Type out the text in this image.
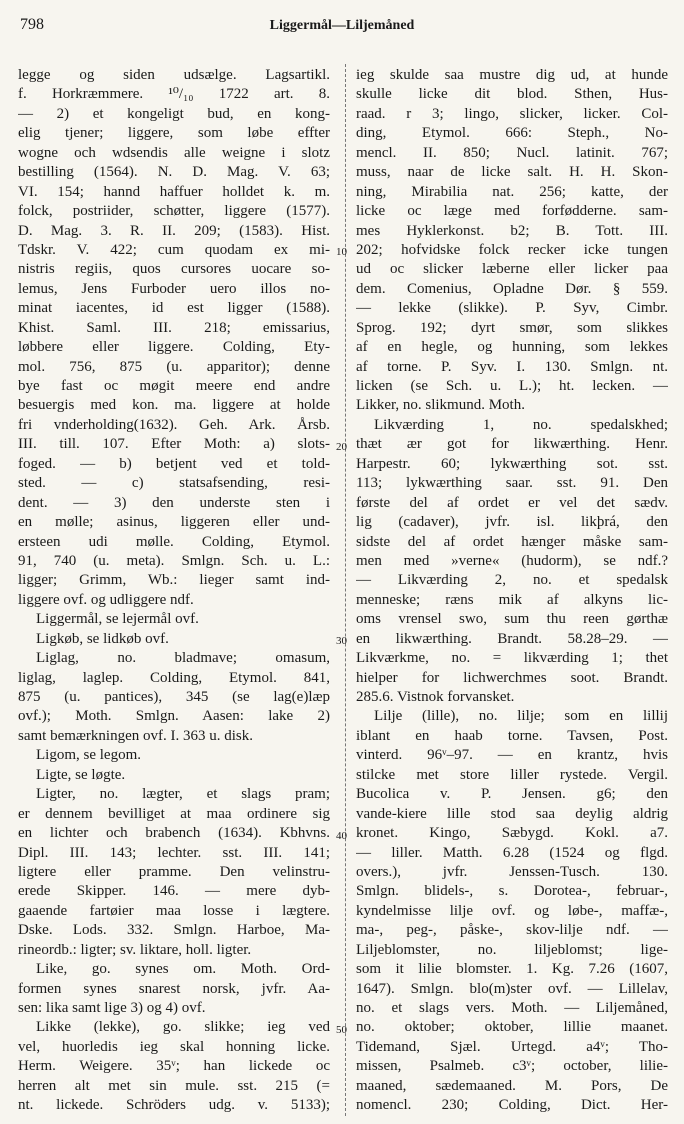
798	Liggermål—Liljemåned
legge og siden udsælge. Lagsartikl.
f. Horkræmmere. ¹⁰/₁₀ 1722 art. 8.
— 2) et kongeligt bud, en kong-
elig tjener; liggere, som løbe effter
wogne och wdsendis alle weigne i slotz
bestilling (1564). N. D. Mag. V. 63;
VI. 154; hannd haffuer holldet k. m.
folck, postriider, schøtter, liggere (1577).
D. Mag. 3. R. II. 209; (1583). Hist.
Tdskr. V. 422; cum quodam ex mi-
nistris regiis, quos cursores uocare so-
lemus, Jens Furboder uero illos no-
minat iacentes, id est ligger (1588).
Khist. Saml. III. 218; emissarius,
løbbere eller liggere. Colding, Ety-
mol. 756, 875 (u. apparitor); denne
bye fast oc møgit meere end andre
besuergis med kon. ma. liggere at holde
fri vnderholding(1632). Geh. Ark. Årsb.
III. till. 107. Efter Moth: a) slots-
foged. — b) betjent ved et told-
sted. — c) statsafsending, resi-
dent. — 3) den underste sten i
en mølle; asinus, liggeren eller und-
ersteen udi mølle. Colding, Etymol.
91, 740 (u. meta). Smlgn. Sch. u. L.:
ligger; Grimm, Wb.: lieger samt ind-
liggere ovf. og udliggere ndf.
Liggermål, se lejermål ovf.
Ligkøb, se lidkøb ovf.
Liglag, no. bladmave; omasum,
liglag, laglep. Colding, Etymol. 841,
875 (u. pantices), 345 (se lag(e)læp
ovf.); Moth. Smlgn. Aasen: lake 2)
samt bemærkningen ovf. I. 363 u. disk.
Ligom, se legom.
Ligte, se løgte.
Ligter, no. lægter, et slags pram;
er dennem bevilliget at maa ordinere sig
en lichter och brabench (1634). Kbhvns.
Dipl. III. 143; lechter. sst. III. 141;
ligtere eller pramme. Den velinstru-
erede Skipper. 146. — mere dyb-
gaaende fartøier maa losse i lægtere.
Dske. Lods. 332. Smlgn. Harboe, Ma-
rineordb.: ligter; sv. liktare, holl. ligter.
Like, go. synes om. Moth. Ord-
formen synes snarest norsk, jvfr. Aa-
sen: lika samt lige 3) og 4) ovf.
Likke (lekke), go. slikke; ieg ved
vel, huorledis ieg skal honning licke.
Herm. Weigere. 35ᵛ; han lickede oc
herren alt met sin mule. sst. 215 (=
nt. lickede. Schröders udg. v. 5133);
10
20
30
40
50
ieg skulde saa mustre dig ud, at hunde
skulle licke dit blod. Sthen, Hus-
raad. r 3; lingo, slicker, licker. Col-
ding, Etymol. 666: Steph., No-
mencl. II. 850; Nucl. latinit. 767;
muss, naar de licke salt. H. H. Skon-
ning, Mirabilia nat. 256; katte, der
licke oc læge med forfødderne. sam-
mes Hyklerkonst. b2; B. Tott. III.
202; hofvidske folck recker icke tungen
ud oc slicker læberne eller licker paa
dem. Comenius, Opladne Dør. § 559.
— lekke (slikke). P. Syv, Cimbr.
Sprog. 192; dyrt smør, som slikkes
af en hegle, og hunning, som lekkes
af torne. P. Syv. I. 130. Smlgn. nt.
licken (se Sch. u. L.); ht. lecken. —
Likker, no. slikmund. Moth.
Likværding 1, no. spedalskhed;
thæt ær got for likwærthing. Henr.
Harpestr. 60; lykwærthing sot. sst.
113; lykwærthing saar. sst. 91. Den
første del af ordet er vel det sædv.
lig (cadaver), jvfr. isl. likþrá, den
sidste del af ordet hænger måske sam-
men med »verne« (hudorm), se ndf.?
— Likværding 2, no. et spedalsk
menneske; ræns mik af alkyns lic-
oms vrensel swo, sum thu reen gørthæ
en likwærthing. Brandt. 58.28–29. —
Likværkme, no. = likværding 1; thet
hielper for lichwerchmes soot. Brandt.
285.6. Vistnok forvansket.
Lilje (lille), no. lilje; som en lillij
iblant en haab torne. Tavsen, Post.
vinterd. 96ᵛ–97. — en krantz, hvis
stilcke met store liller rystede. Vergil.
Bucolica v. P. Jensen. g6; den
vande-kiere lille stod saa deylig aldrig
kronet. Kingo, Sæbygd. Kokl. a7.
— liller. Matth. 6.28 (1524 og flgd.
overs.), jvfr. Jenssen-Tusch. 130.
Smlgn. blidels-, s. Dorotea-, februar-,
kyndelmisse lilje ovf. og løbe-, maffæ-,
ma-, peg-, påske-, skov-lilje ndf. —
Liljeblomster, no. liljeblomst; lige-
som it lilie blomster. 1. Kg. 7.26 (1607,
1647). Smlgn. blo(m)ster ovf. — Lillelav,
no. et slags vers. Moth. — Liljemåned,
no. oktober; oktober, lillie maanet.
Tidemand, Sjæl. Urtegd. a4ᵛ; Tho-
missen, Psalmeb. c3ᵛ; october, lilie-
maaned, sædemaaned. M. Pors, De
nomencl. 230; Colding, Dict. Her-
